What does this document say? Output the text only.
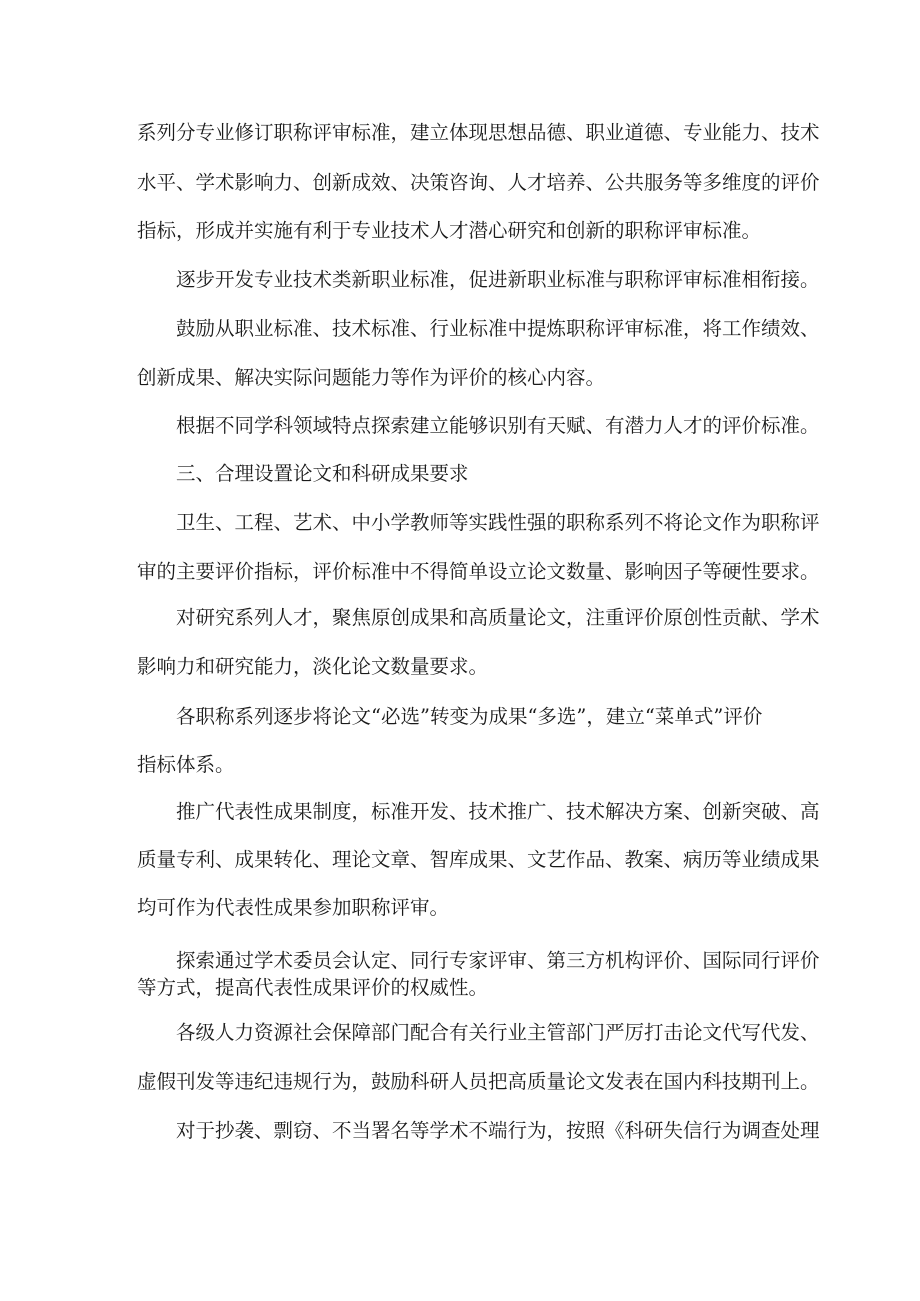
系列分专业修订职称评审标准，建立体现思想品德、职业道德、专业能力、技术
水平、学术影响力、创新成效、决策咨询、人才培养、公共服务等多维度的评价
指标，形成并实施有利于专业技术人才潜心研究和创新的职称评审标准。
逐步开发专业技术类新职业标准，促进新职业标准与职称评审标准相衔接。
鼓励从职业标准、技术标准、行业标准中提炼职称评审标准，将工作绩效、
创新成果、解决实际问题能力等作为评价的核心内容。
根据不同学科领域特点探索建立能够识别有天赋、有潜力人才的评价标准。
三、合理设置论文和科研成果要求
卫生、工程、艺术、中小学教师等实践性强的职称系列不将论文作为职称评
审的主要评价指标，评价标准中不得简单设立论文数量、影响因子等硬性要求。
对研究系列人才，聚焦原创成果和高质量论文，注重评价原创性贡献、学术
影响力和研究能力，淡化论文数量要求。
各职称系列逐步将论文“必选”转变为成果“多选”，建立“菜单式”评价
指标体系。
推广代表性成果制度，标准开发、技术推广、技术解决方案、创新突破、高
质量专利、成果转化、理论文章、智库成果、文艺作品、教案、病历等业绩成果
均可作为代表性成果参加职称评审。
探索通过学术委员会认定、同行专家评审、第三方机构评价、国际同行评价
等方式，提高代表性成果评价的权威性。
各级人力资源社会保障部门配合有关行业主管部门严厉打击论文代写代发、
虚假刊发等违纪违规行为，鼓励科研人员把高质量论文发表在国内科技期刊上。
对于抄袭、剽窃、不当署名等学术不端行为，按照《科研失信行为调查处理
